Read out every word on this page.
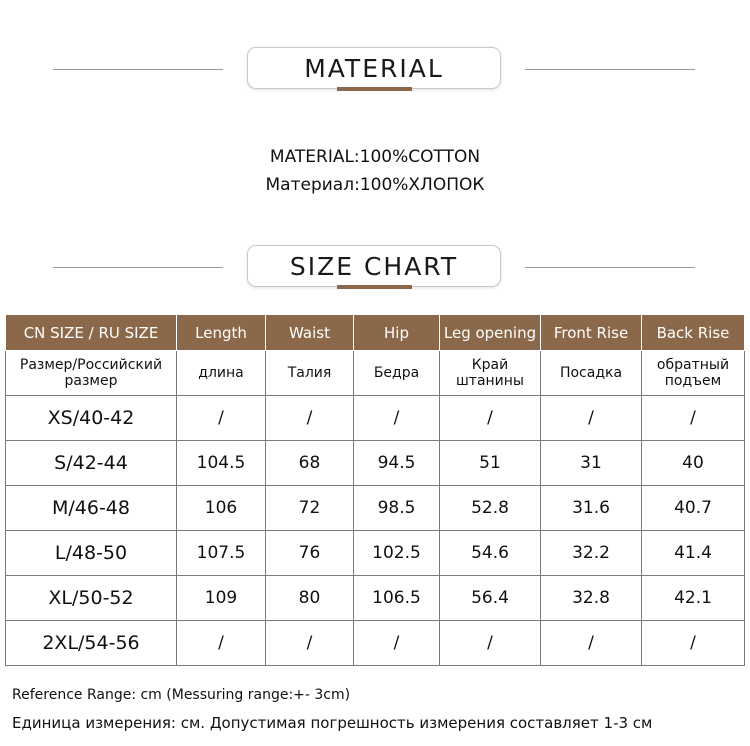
MATERIAL
MATERIAL:100%COTTON
Материал:100%ХЛОПОК
SIZE CHART
CN SIZE / RU SIZE	Length	Waist	Hip	Leg opening	Front Rise	Back Rise
Размер/Российский размер	длина	Талия	Бедра	Край штанины	Посадка	обратный подъем
XS/40-42	/	/	/	/	/	/
S/42-44	104.5	68	94.5	51	31	40
M/46-48	106	72	98.5	52.8	31.6	40.7
L/48-50	107.5	76	102.5	54.6	32.2	41.4
XL/50-52	109	80	106.5	56.4	32.8	42.1
2XL/54-56	/	/	/	/	/	/
Reference Range: cm (Messuring range:+- 3cm)
Единица измерения: см. Допустимая погрешность измерения составляет 1-3 см
